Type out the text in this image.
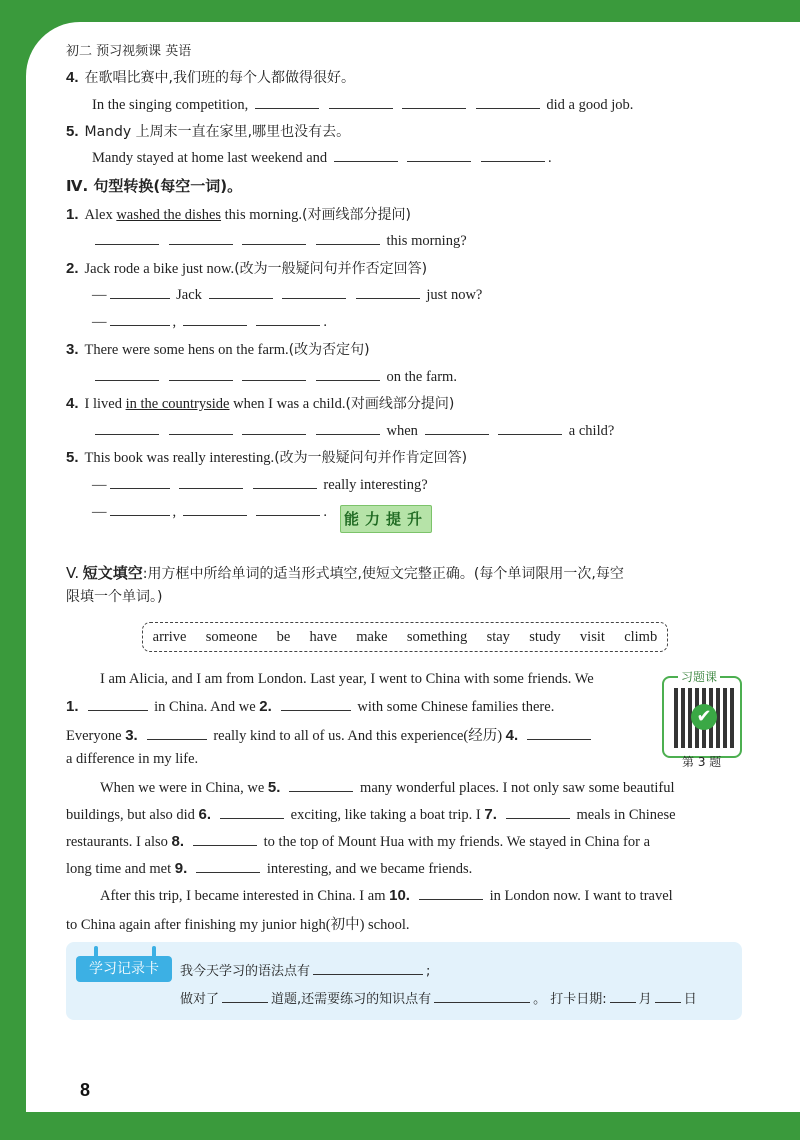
初二 预习视频课 英语
4. 在歌唱比赛中,我们班的每个人都做得很好。
In the singing competition,	did a good job.
5. Mandy 上周末一直在家里,哪里也没有去。
Mandy stayed at home last weekend and	.
Ⅳ. 句型转换(每空一词)。
1. Alex washed the dishes this morning.(对画线部分提问)
this morning?
2. Jack rode a bike just now.(改为一般疑问句并作否定回答)
—	Jack	just now?
—	,	.
3. There were some hens on the farm.(改为否定句)
on the farm.
4. I lived in the countryside when I was a child.(对画线部分提问)
when	a child?
5. This book was really interesting.(改为一般疑问句并作肯定回答)
—	really interesting?
—	,	. 能力提升
V. 短文填空:用方框中所给单词的适当形式填空,使短文完整正确。(每个单词限用一次,每空
限填一个单词。)
arrive someone be have make something stay study visit climb
I am Alicia, and I am from London. Last year, I went to China with some friends. We
1.	in China. And we 2.	with some Chinese families there.
Everyone 3.	really kind to all of us. And this experience(经历) 4.
a difference in my life.
When we were in China, we 5.	many wonderful places. I not only saw some beautiful
buildings, but also did 6.	exciting, like taking a boat trip. I 7.	meals in Chinese
restaurants. I also 8.	to the top of Mount Hua with my friends. We stayed in China for a
long time and met 9.	interesting, and we became friends.
After this trip, I became interested in China. I am 10.	in London now. I want to travel
to China again after finishing my junior high(初中) school.
习题课
✔
第 3 题
学习记录卡	我今天学习的语法点有	;
做对了	道题,还需要练习的知识点有	。 打卡日期: 月 日
8
